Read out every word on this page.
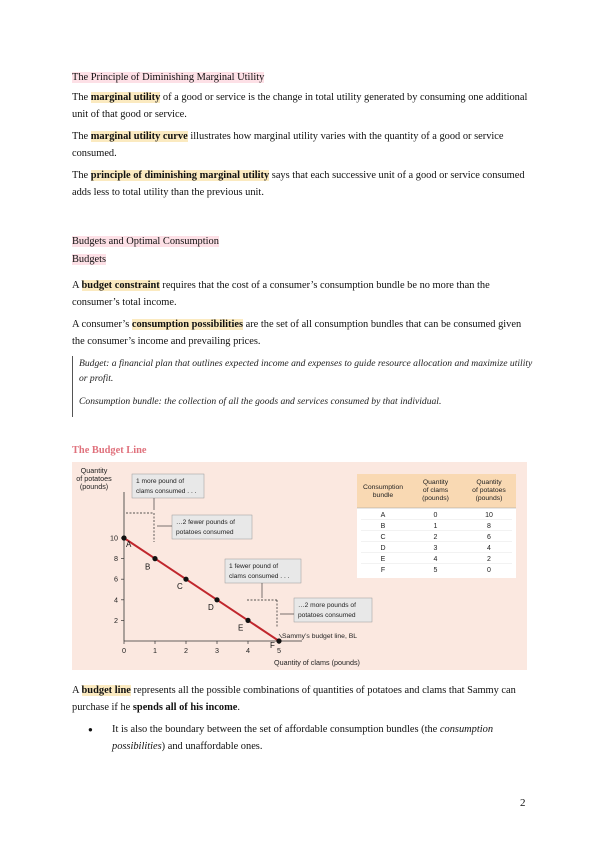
The Principle of Diminishing Marginal Utility
The marginal utility of a good or service is the change in total utility generated by consuming one additional unit of that good or service.
The marginal utility curve illustrates how marginal utility varies with the quantity of a good or service consumed.
The principle of diminishing marginal utility says that each successive unit of a good or service consumed adds less to total utility than the previous unit.
Budgets and Optimal Consumption
Budgets
A budget constraint requires that the cost of a consumer’s consumption bundle be no more than the consumer’s total income.
A consumer’s consumption possibilities are the set of all consumption bundles that can be consumed given the consumer’s income and prevailing prices.
Budget: a financial plan that outlines expected income and expenses to guide resource allocation and maximize utility or profit.
Consumption bundle: the collection of all the goods and services consumed by that individual.
The Budget Line
Quantity
of potatoes
(pounds)
0	1	2	3	4	5
2
4
6
8
10
Quantity of clams (pounds)
1 more pound of
clams consumed . . .
…2 fewer pounds of
potatoes consumed
1 fewer pound of
clams consumed . . .
…2 more pounds of
potatoes consumed
A
B
C
D
E
F
Sammy’s budget line, BL
Consumption
bundle
Quantity
of clams
(pounds)
Quantity
of potatoes
(pounds)
A	0	10
B	1	8
C	2	6
D	3	4
E	4	2
F	5	0
A budget line represents all the possible combinations of quantities of potatoes and clams that Sammy can purchase if he spends all of his income.
● It is also the boundary between the set of affordable consumption bundles (the consumption possibilities) and unaffordable ones.
2
